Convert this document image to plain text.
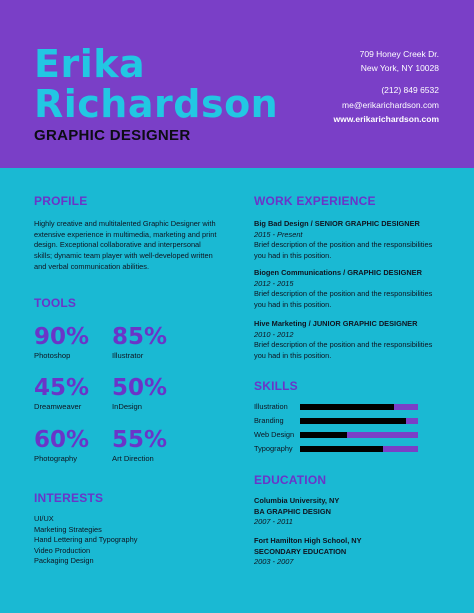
Erika
Richardson
GRAPHIC DESIGNER
709 Honey Creek Dr.
New York, NY 10028
(212) 849 6532
me@erikarichardson.com
www.erikarichardson.com
PROFILE
Highly creative and multitalented Graphic Designer with extensive experience in multimedia, marketing and print design. Exceptional collaborative and interpersonal skills; dynamic team player with well-developed written and verbal communication abilities.
TOOLS
90%
Photoshop
85%
Illustrator
45%
Dreamweaver
50%
InDesign
60%
Photography
55%
Art Direction
INTERESTS
UI/UX
Marketing Strategies
Hand Lettering and Typography
Video Production
Packaging Design
WORK EXPERIENCE
Big Bad Design / SENIOR GRAPHIC DESIGNER
2015 - Present
Brief description of the position and the responsibilities you had in this position.
Biogen Communications / GRAPHIC DESIGNER
2012 - 2015
Brief description of the position and the responsibilities you had in this position.
Hive Marketing / JUNIOR GRAPHIC DESIGNER
2010 - 2012
Brief description of the position and the responsibilities you had in this position.
SKILLS
Illustration
Branding
Web Design
Typography
EDUCATION
Columbia University, NY
BA GRAPHIC DESIGN
2007 - 2011
Fort Hamilton High School, NY
SECONDARY EDUCATION
2003 - 2007
